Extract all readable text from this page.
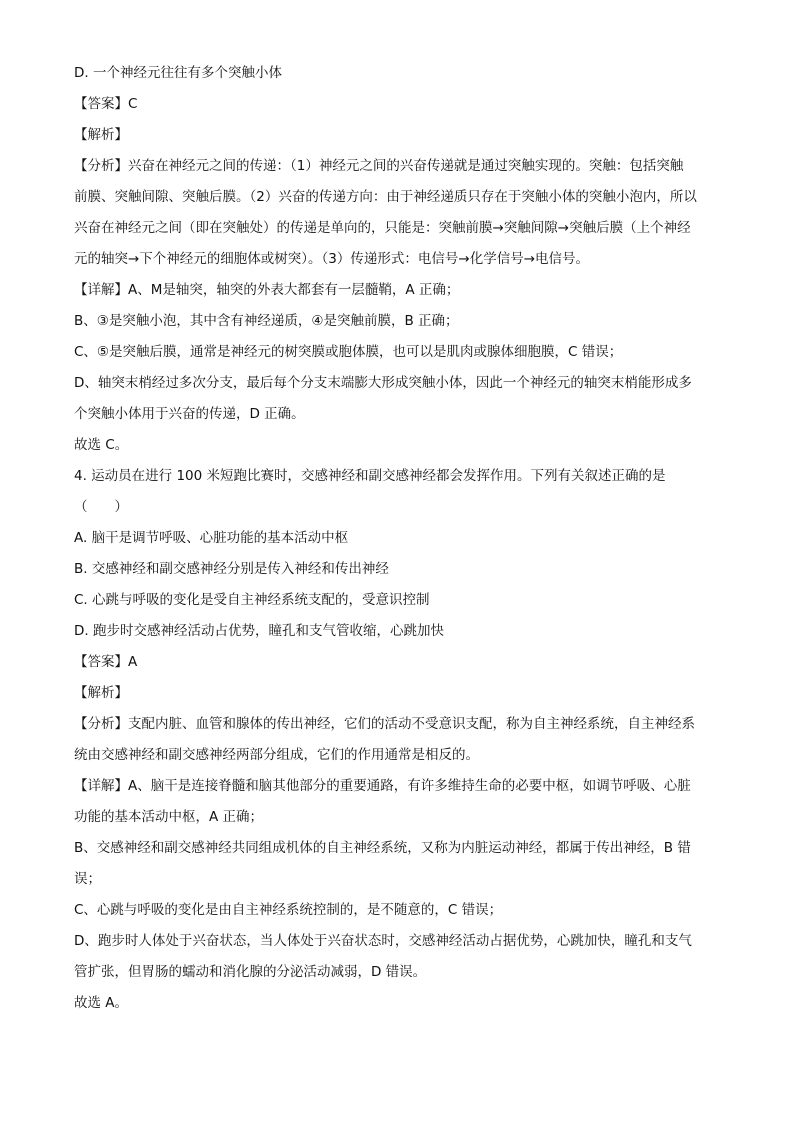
D. 一个神经元往往有多个突触小体
【答案】C
【解析】
【分析】兴奋在神经元之间的传递：（1）神经元之间的兴奋传递就是通过突触实现的。突触：包括突触
前膜、突触间隙、突触后膜。（2）兴奋的传递方向：由于神经递质只存在于突触小体的突触小泡内，所以
兴奋在神经元之间（即在突触处）的传递是单向的，只能是：突触前膜→突触间隙→突触后膜（上个神经
元的轴突→下个神经元的细胞体或树突）。（3）传递形式：电信号→化学信号→电信号。
【详解】A、M是轴突，轴突的外表大都套有一层髓鞘，A 正确；
B、③是突触小泡，其中含有神经递质，④是突触前膜，B 正确；
C、⑤是突触后膜，通常是神经元的树突膜或胞体膜，也可以是肌肉或腺体细胞膜，C 错误；
D、轴突末梢经过多次分支，最后每个分支末端膨大形成突触小体，因此一个神经元的轴突末梢能形成多
个突触小体用于兴奋的传递，D 正确。
故选 C。
4. 运动员在进行 100 米短跑比赛时，交感神经和副交感神经都会发挥作用。下列有关叙述正确的是
（　　）
A. 脑干是调节呼吸、心脏功能的基本活动中枢
B. 交感神经和副交感神经分别是传入神经和传出神经
C. 心跳与呼吸的变化是受自主神经系统支配的，受意识控制
D. 跑步时交感神经活动占优势，瞳孔和支气管收缩，心跳加快
【答案】A
【解析】
【分析】支配内脏、血管和腺体的传出神经，它们的活动不受意识支配，称为自主神经系统，自主神经系
统由交感神经和副交感神经两部分组成，它们的作用通常是相反的。
【详解】A、脑干是连接脊髓和脑其他部分的重要通路，有许多维持生命的必要中枢，如调节呼吸、心脏
功能的基本活动中枢，A 正确；
B、交感神经和副交感神经共同组成机体的自主神经系统，又称为内脏运动神经，都属于传出神经，B 错
误；
C、心跳与呼吸的变化是由自主神经系统控制的，是不随意的，C 错误；
D、跑步时人体处于兴奋状态，当人体处于兴奋状态时，交感神经活动占据优势，心跳加快，瞳孔和支气
管扩张，但胃肠的蠕动和消化腺的分泌活动减弱，D 错误。
故选 A。
